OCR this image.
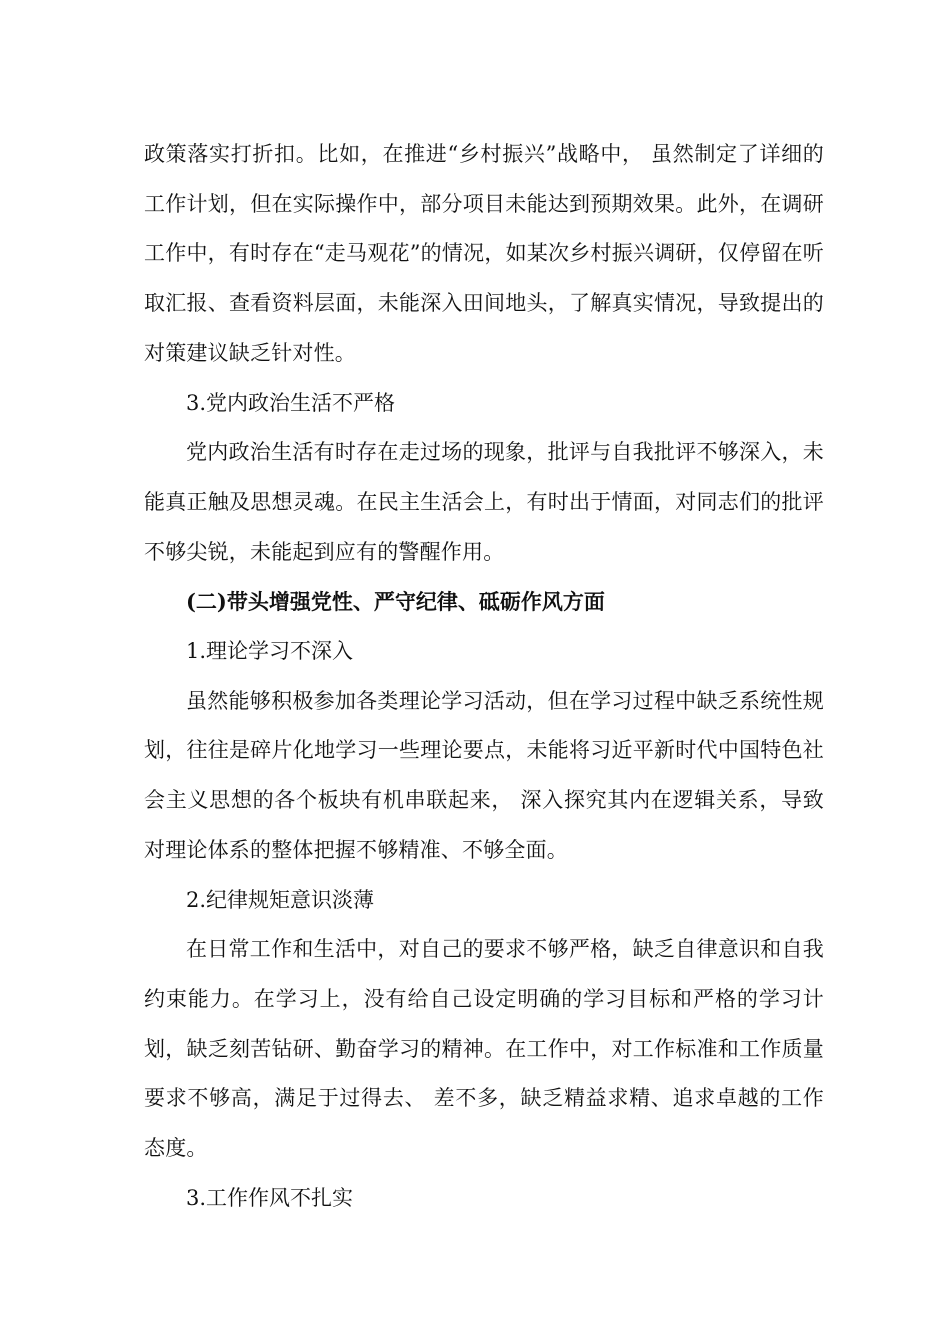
政策落实打折扣。比如，在推进“乡村振兴”战略中， 虽然制定了详细的工作计划，但在实际操作中，部分项目未能达到预期效果。此外，在调研工作中，有时存在“走马观花”的情况，如某次乡村振兴调研，仅停留在听取汇报、查看资料层面，未能深入田间地头，了解真实情况，导致提出的对策建议缺乏针对性。

3.党内政治生活不严格

党内政治生活有时存在走过场的现象，批评与自我批评不够深入，未能真正触及思想灵魂。在民主生活会上，有时出于情面，对同志们的批评不够尖锐，未能起到应有的警醒作用。

(二)带头增强党性、严守纪律、砥砺作风方面

1.理论学习不深入

虽然能够积极参加各类理论学习活动，但在学习过程中缺乏系统性规划，往往是碎片化地学习一些理论要点，未能将习近平新时代中国特色社会主义思想的各个板块有机串联起来， 深入探究其内在逻辑关系，导致对理论体系的整体把握不够精准、不够全面。

2.纪律规矩意识淡薄

在日常工作和生活中，对自己的要求不够严格，缺乏自律意识和自我约束能力。在学习上，没有给自己设定明确的学习目标和严格的学习计划，缺乏刻苦钻研、勤奋学习的精神。在工作中，对工作标准和工作质量要求不够高，满足于过得去、 差不多，缺乏精益求精、追求卓越的工作态度。

3.工作作风不扎实
